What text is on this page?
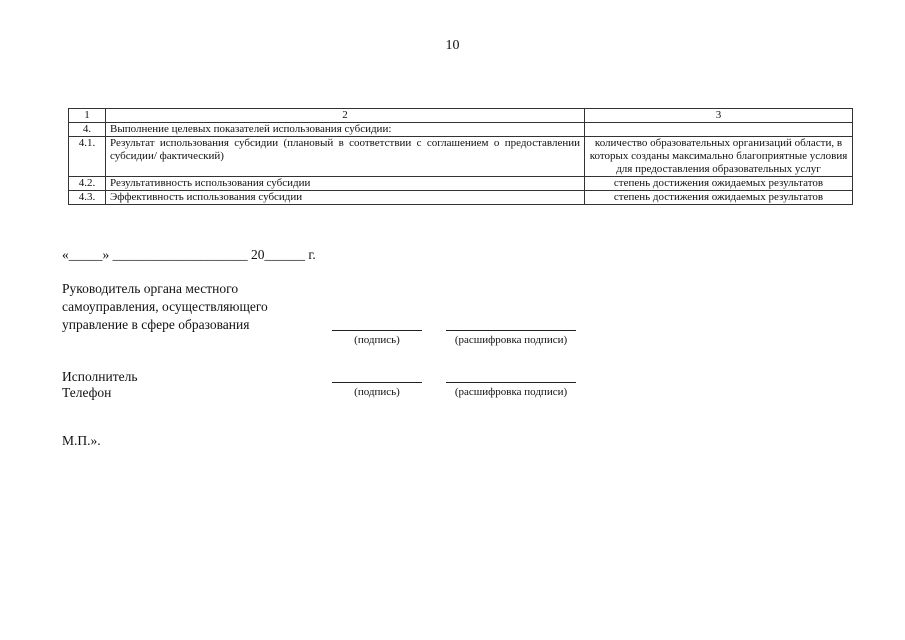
10
1	2	3
4.	Выполнение целевых показателей использования субсидии:	
4.1.	Результат использования субсидии (плановый в соответствии с соглашением о предоставлении субсидии/ фактический)	количество образовательных организаций области, в которых созданы максимально благоприятные условия для предоставления образовательных услуг
4.2.	Результативность использования субсидии	степень достижения ожидаемых результатов
4.3.	Эффективность использования субсидии	степень достижения ожидаемых результатов
«_____» ____________________ 20______ г.
Руководитель органа местного
самоуправления, осуществляющего
управление в сфере образования
(подпись)	(расшифровка подписи)
Исполнитель
Телефон	(подпись)	(расшифровка подписи)
М.П.».
